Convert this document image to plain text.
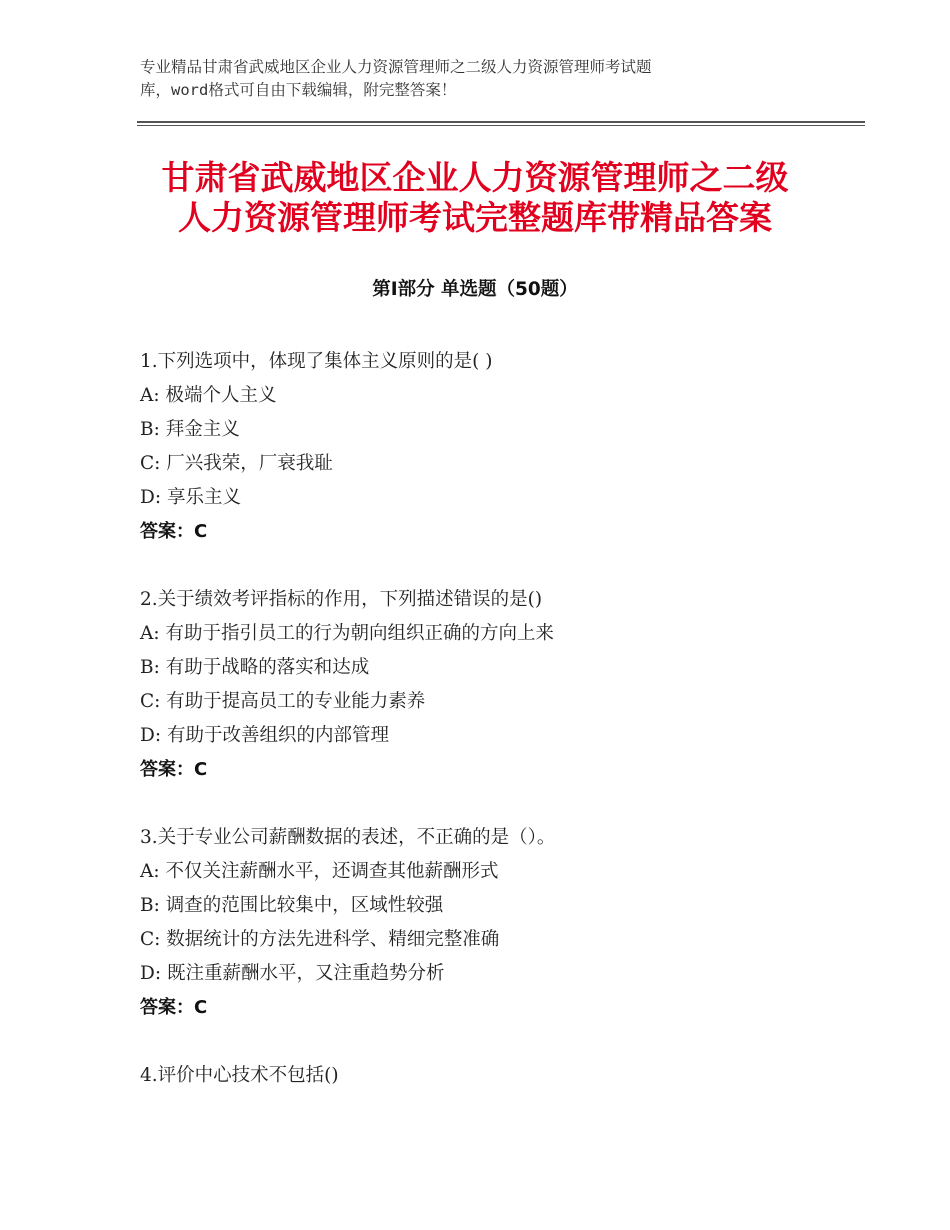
专业精品甘肃省武威地区企业人力资源管理师之二级人力资源管理师考试题
库，word格式可自由下载编辑，附完整答案！
甘肃省武威地区企业人力资源管理师之二级
人力资源管理师考试完整题库带精品答案
第Ⅰ部分 单选题（50题）
1.下列选项中，体现了集体主义原则的是( )
A: 极端个人主义
B: 拜金主义
C: 厂兴我荣，厂衰我耻
D: 享乐主义
答案：C
2.关于绩效考评指标的作用，下列描述错误的是()
A: 有助于指引员工的行为朝向组织正确的方向上来
B: 有助于战略的落实和达成
C: 有助于提高员工的专业能力素养
D: 有助于改善组织的内部管理
答案：C
3.关于专业公司薪酬数据的表述，不正确的是（）。
A: 不仅关注薪酬水平，还调查其他薪酬形式
B: 调查的范围比较集中，区域性较强
C: 数据统计的方法先进科学、精细完整准确
D: 既注重薪酬水平，又注重趋势分析
答案：C
4.评价中心技术不包括()
